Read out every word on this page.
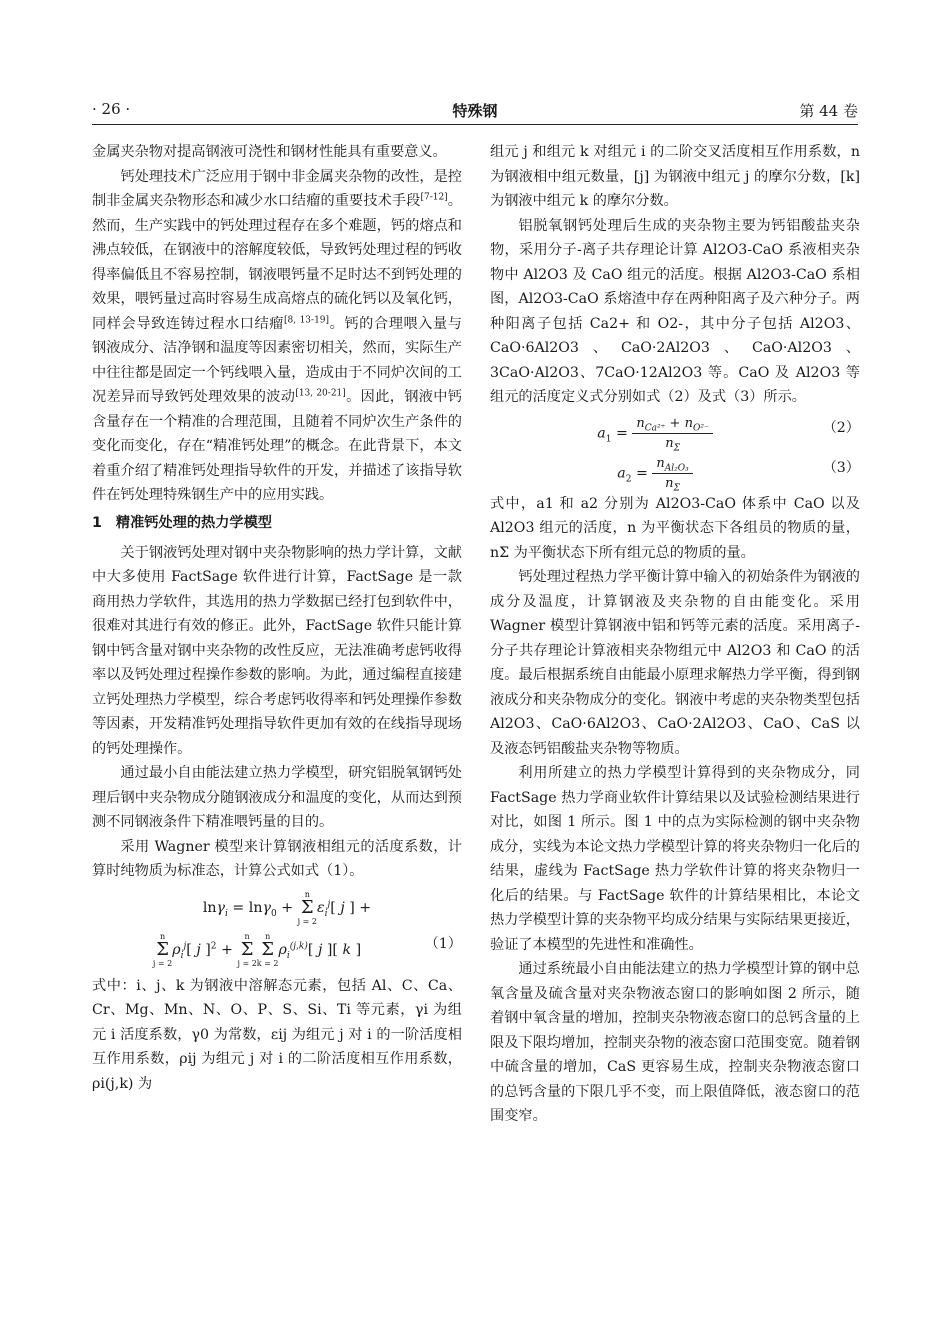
· 26 ·	特殊钢	第 44 卷

金属夹杂物对提高钢液可浇性和钢材性能具有重要意义。

钙处理技术广泛应用于钢中非金属夹杂物的改性，是控制非金属夹杂物形态和减少水口结瘤的重要技术手段[7-12]。然而，生产实践中的钙处理过程存在多个难题，钙的熔点和沸点较低，在钢液中的溶解度较低，导致钙处理过程的钙收得率偏低且不容易控制，钢液喂钙量不足时达不到钙处理的效果，喂钙量过高时容易生成高熔点的硫化钙以及氧化钙，同样会导致连铸过程水口结瘤[8, 13-19]。钙的合理喂入量与钢液成分、洁净钢和温度等因素密切相关，然而，实际生产中往往都是固定一个钙线喂入量，造成由于不同炉次间的工况差异而导致钙处理效果的波动[13, 20-21]。因此，钢液中钙含量存在一个精准的合理范围，且随着不同炉次生产条件的变化而变化，存在“精准钙处理”的概念。在此背景下，本文着重介绍了精准钙处理指导软件的开发，并描述了该指导软件在钙处理特殊钢生产中的应用实践。

1 精准钙处理的热力学模型

关于钢液钙处理对钢中夹杂物影响的热力学计算，文献中大多使用 FactSage 软件进行计算，FactSage 是一款商用热力学软件，其选用的热力学数据已经打包到软件中，很难对其进行有效的修正。此外，FactSage 软件只能计算钢中钙含量对钢中夹杂物的改性反应，无法准确考虑钙收得率以及钙处理过程操作参数的影响。为此，通过编程直接建立钙处理热力学模型，综合考虑钙收得率和钙处理操作参数等因素，开发精准钙处理指导软件更加有效的在线指导现场的钙处理操作。

通过最小自由能法建立热力学模型，研究铝脱氧钢钙处理后钢中夹杂物成分随钢液成分和温度的变化，从而达到预测不同钢液条件下精准喂钙量的目的。

采用 Wagner 模型来计算钢液相组元的活度系数，计算时纯物质为标准态，计算公式如式（1）。

lnγ$_i$ = lnγ$_0$ + n
Σ
$j = 2\varepsilon_i^j$[ j ] +
n
Σ
$j = 2\rho_i^j$[ j ]$^2$ + n
Σ
j = 2n
Σ
$k = 2\rho_i^{(j,k)}$[ j ][ k ]	（1）

式中：i、j、k 为钢液中溶解态元素，包括 Al、C、Ca、Cr、Mg、Mn、N、O、P、S、Si、Ti 等元素，γi 为组元 i 活度系数，γ0 为常数，εij 为组元 j 对 i 的一阶活度相互作用系数，ρij 为组元 j 对 i 的二阶活度相互作用系数，ρi(j,k) 为

组元 j 和组元 k 对组元 i 的二阶交叉活度相互作用系数，n 为钢液相中组元数量，[j] 为钢液中组元 j 的摩尔分数，[k] 为钢液中组元 k 的摩尔分数。

铝脱氧钢钙处理后生成的夹杂物主要为钙铝酸盐夹杂物，采用分子-离子共存理论计算 Al2O3-CaO 系液相夹杂物中 Al2O3 及 CaO 组元的活度。根据 Al2O3-CaO 系相图，Al2O3-CaO 系熔渣中存在两种阳离子及六种分子。两种阳离子包括 Ca2+ 和 O2-，其中分子包括 Al2O3、CaO·6Al2O3、CaO·2Al2O3、CaO·Al2O3、3CaO·Al2O3、7CaO·12Al2O3 等。CaO 及 Al2O3 等组元的活度定义式分别如式（2）及式（3）所示。

$a_1 = \frac{n_{Ca^{2+}} + n_{O^{2-}}}{n_\Sigma}$	（2）
$a_2 = \frac{n_{Al_2O_3}}{n_\Sigma}$	（3）

式中，a1 和 a2 分别为 Al2O3-CaO 体系中 CaO 以及 Al2O3 组元的活度，n 为平衡状态下各组员的物质的量，nΣ 为平衡状态下所有组元总的物质的量。

钙处理过程热力学平衡计算中输入的初始条件为钢液的成分及温度，计算钢液及夹杂物的自由能变化。采用 Wagner 模型计算钢液中铝和钙等元素的活度。采用离子-分子共存理论计算液相夹杂物组元中 Al2O3 和 CaO 的活度。最后根据系统自由能最小原理求解热力学平衡，得到钢液成分和夹杂物成分的变化。钢液中考虑的夹杂物类型包括 Al2O3、CaO·6Al2O3、CaO·2Al2O3、CaO、CaS 以及液态钙铝酸盐夹杂物等物质。

利用所建立的热力学模型计算得到的夹杂物成分，同 FactSage 热力学商业软件计算结果以及试验检测结果进行对比，如图 1 所示。图 1 中的点为实际检测的钢中夹杂物成分，实线为本论文热力学模型计算的将夹杂物归一化后的结果，虚线为 FactSage 热力学软件计算的将夹杂物归一化后的结果。与 FactSage 软件的计算结果相比，本论文热力学模型计算的夹杂物平均成分结果与实际结果更接近，验证了本模型的先进性和准确性。

通过系统最小自由能法建立的热力学模型计算的钢中总氧含量及硫含量对夹杂物液态窗口的影响如图 2 所示，随着钢中氧含量的增加，控制夹杂物液态窗口的总钙含量的上限及下限均增加，控制夹杂物的液态窗口范围变宽。随着钢中硫含量的增加，CaS 更容易生成，控制夹杂物液态窗口的总钙含量的下限几乎不变，而上限值降低，液态窗口的范围变窄。
